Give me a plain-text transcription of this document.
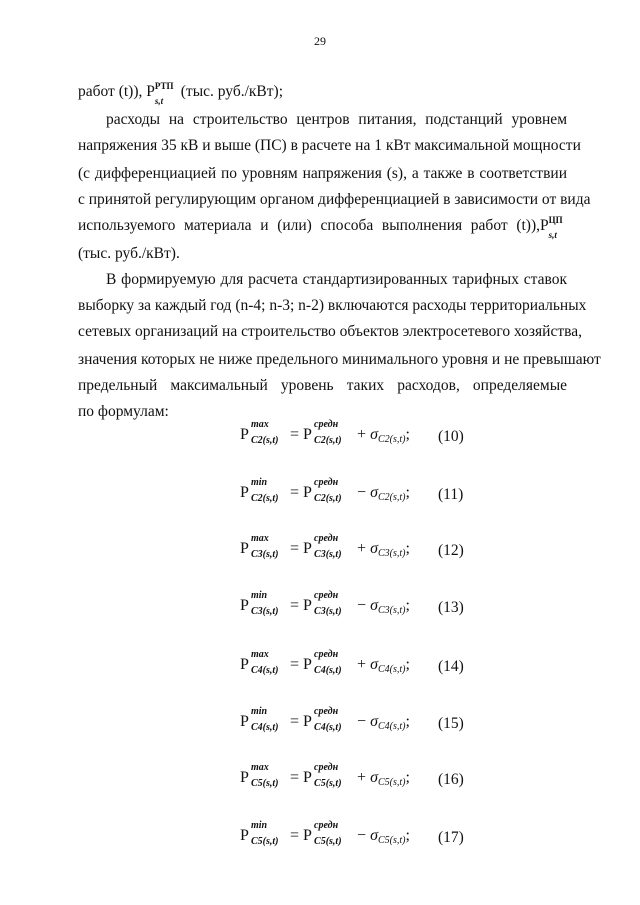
29
работ (t)), P РТП
s,t
(тыс. руб./кВт);
расходы на строительство центров питания, подстанций уровнем
напряжения 35 кВ и выше (ПС) в расчете на 1 кВт максимальной мощности
(с дифференциацией по уровням напряжения (s), а также в соответствии
с принятой регулирующим органом дифференциацией в зависимости от вида
используемого материала и (или) способа выполнения работ (t)),P ЦП
s,t
(тыс. руб./кВт).
В формируемую для расчета стандартизированных тарифных ставок
выборку за каждый год (n-4; n-3; n-2) включаются расходы территориальных
сетевых организаций на строительство объектов электросетевого хозяйства,
значения которых не ниже предельного минимального уровня и не превышают
предельный максимальный уровень таких расходов, определяемые
по формулам:
P
max
C2(s,t) = P
средн
C2(s,t) + σC2(s,t); (10)
P
min
C2(s,t) = P
средн
C2(s,t) − σC2(s,t); (11)
P
max
C3(s,t) = P
средн
C3(s,t) + σC3(s,t); (12)
P
min
C3(s,t) = P
средн
C3(s,t) − σC3(s,t); (13)
P
max
C4(s,t) = P
средн
C4(s,t) + σC4(s,t); (14)
P
min
C4(s,t) = P
средн
C4(s,t) − σC4(s,t); (15)
P
max
C5(s,t) = P
средн
C5(s,t) + σC5(s,t); (16)
P
min
C5(s,t) = P
средн
C5(s,t) − σC5(s,t); (17)
